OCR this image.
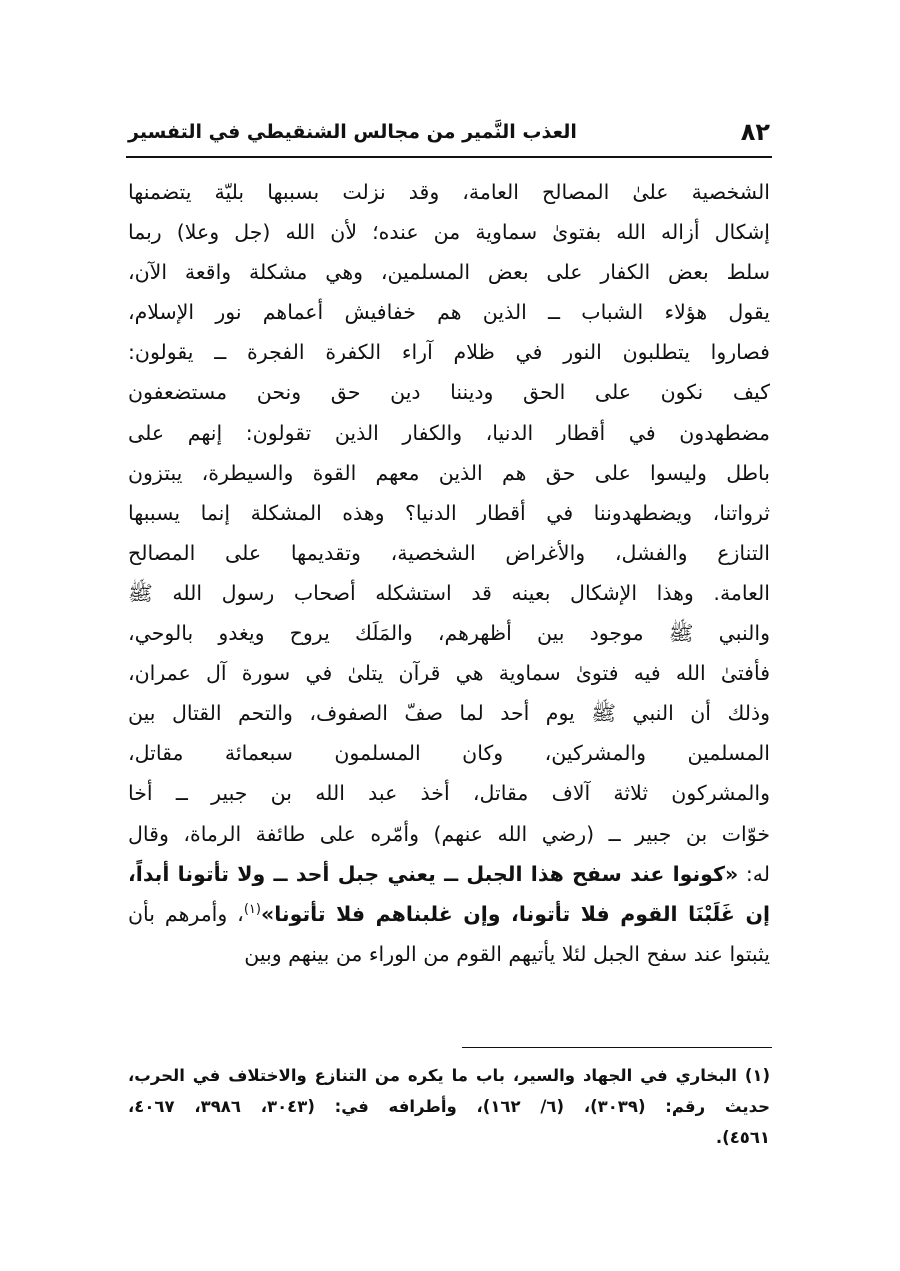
٨٢
العذب النَّمير من مجالس الشنقيطي في التفسير
الشخصية علىٰ المصالح العامة، وقد نزلت بسببها بليّة يتضمنها
إشكال أزاله الله بفتوىٰ سماوية من عنده؛ لأن الله (جل وعلا) ربما
سلط بعض الكفار على بعض المسلمين، وهي مشكلة واقعة الآن،
يقول هؤلاء الشباب ــ الذين هم خفافيش أعماهم نور الإسلام،
فصاروا يتطلبون النور في ظلام آراء الكفرة الفجرة ــ يقولون:
كيف نكون على الحق وديننا دين حق ونحن مستضعفون
مضطهدون في أقطار الدنيا، والكفار الذين تقولون: إنهم على
باطل وليسوا على حق هم الذين معهم القوة والسيطرة، يبتزون
ثرواتنا، ويضطهدوننا في أقطار الدنيا؟ وهذه المشكلة إنما يسببها
التنازع والفشل، والأغراض الشخصية، وتقديمها على المصالح
العامة. وهذا الإشكال بعينه قد استشكله أصحاب رسول الله ﷺ
والنبي ﷺ موجود بين أظهرهم، والمَلَك يروح ويغدو بالوحي،
فأفتىٰ الله فيه فتوىٰ سماوية هي قرآن يتلىٰ في سورة آل عمران،
وذلك أن النبي ﷺ يوم أحد لما صفّ الصفوف، والتحم القتال بين
المسلمين والمشركين، وكان المسلمون سبعمائة مقاتل،
والمشركون ثلاثة آلاف مقاتل، أخذ عبد الله بن جبير ــ أخا
خوّات بن جبير ــ (رضي الله عنهم) وأمّره على طائفة الرماة، وقال
له: «كونوا عند سفح هذا الجبل ــ يعني جبل أحد ــ ولا تأتونا أبداً،
إن غَلَبْنَا القوم فلا تأتونا، وإن غلبناهم فلا تأتونا»$^{(١)}$، وأمرهم بأن
يثبتوا عند سفح الجبل لئلا يأتيهم القوم من الوراء من بينهم وبين
(١) البخاري في الجهاد والسير، باب ما يكره من التنازع والاختلاف في الحرب،
حديث رقم: (٣٠٣٩)، (٦/ ١٦٢)، وأطرافه في: (٣٠٤٣، ٣٩٨٦، ٤٠٦٧،
٤٥٦١).
